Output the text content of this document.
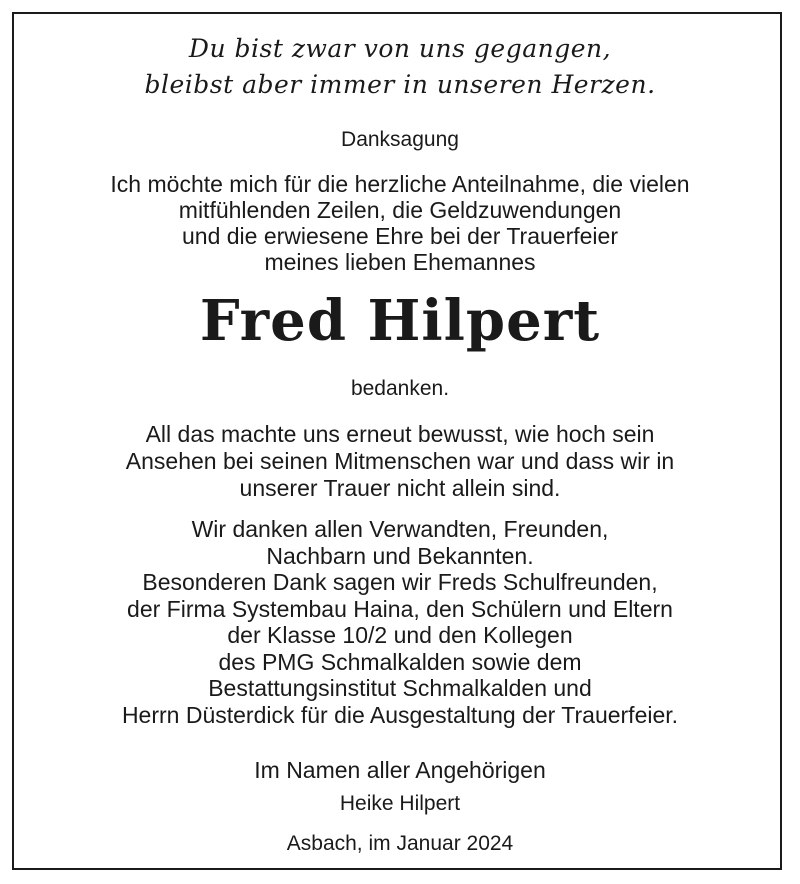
Du bist zwar von uns gegangen,
bleibst aber immer in unseren Herzen.
Danksagung
Ich möchte mich für die herzliche Anteilnahme, die vielen
mitfühlenden Zeilen, die Geldzuwendungen
und die erwiesene Ehre bei der Trauerfeier
meines lieben Ehemannes
Fred Hilpert
bedanken.
All das machte uns erneut bewusst, wie hoch sein
Ansehen bei seinen Mitmenschen war und dass wir in
unserer Trauer nicht allein sind.
Wir danken allen Verwandten, Freunden,
Nachbarn und Bekannten.
Besonderen Dank sagen wir Freds Schulfreunden,
der Firma Systembau Haina, den Schülern und Eltern
der Klasse 10/2 und den Kollegen
des PMG Schmalkalden sowie dem
Bestattungsinstitut Schmalkalden und
Herrn Düsterdick für die Ausgestaltung der Trauerfeier.
Im Namen aller Angehörigen
Heike Hilpert
Asbach, im Januar 2024
